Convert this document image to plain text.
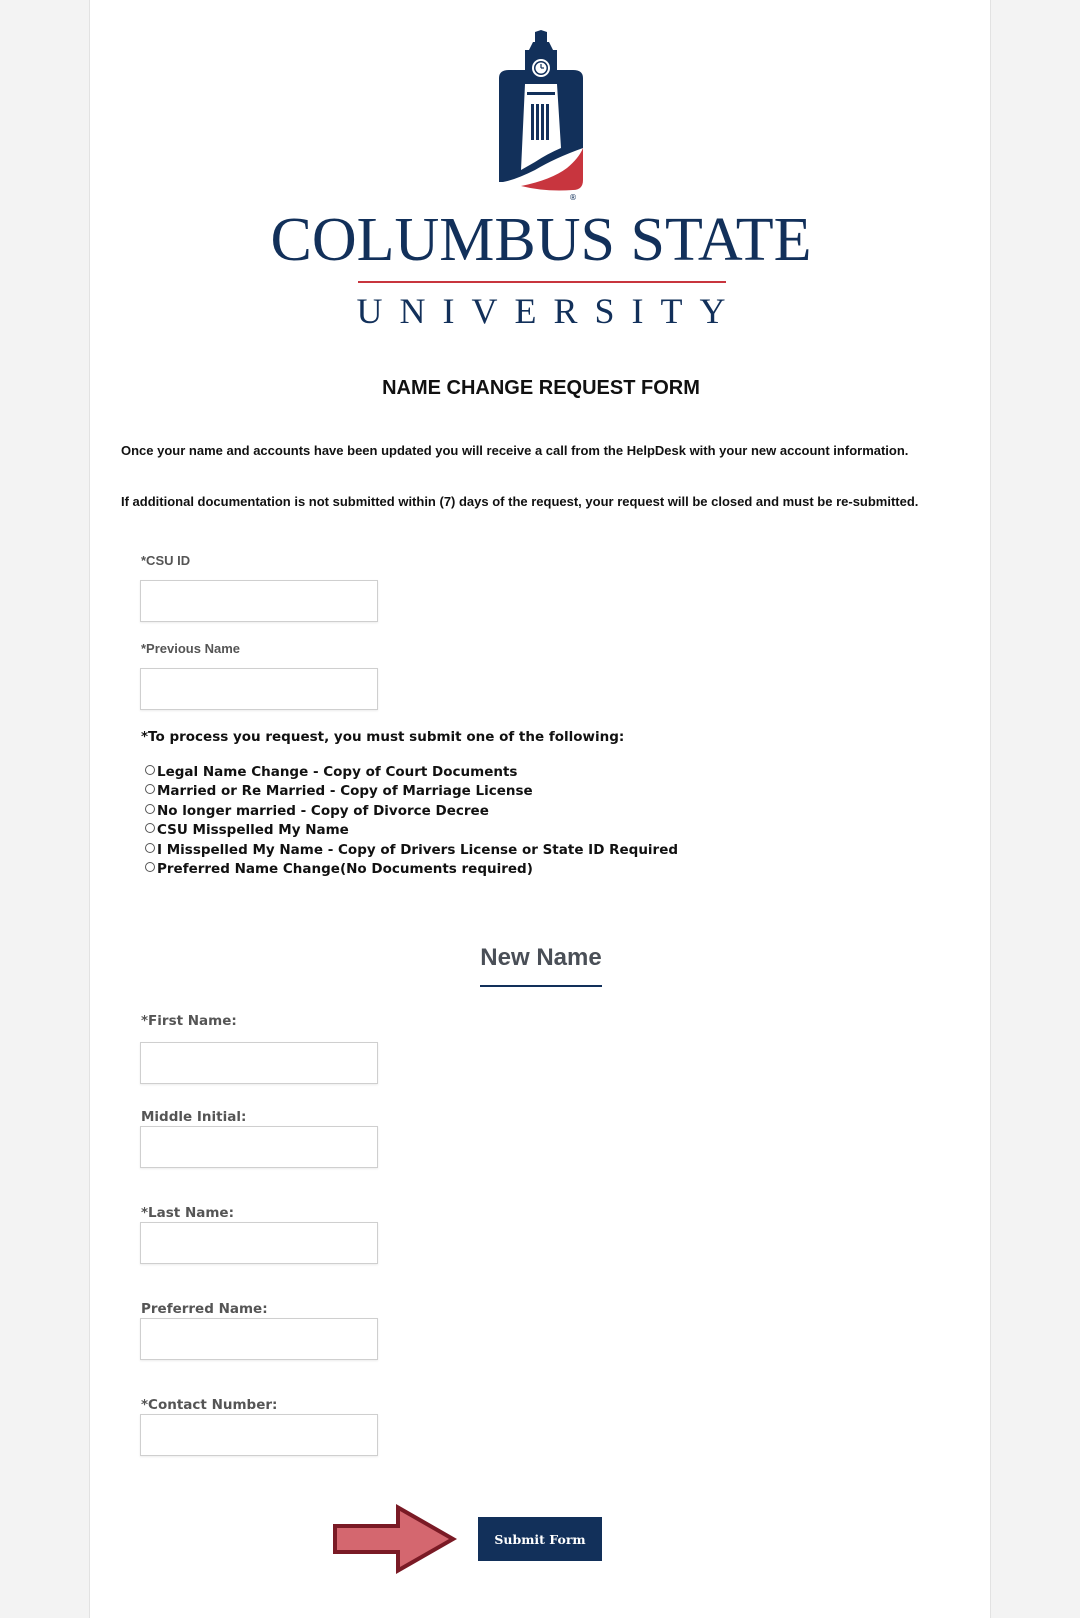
®
COLUMBUS STATE
UNIVERSITY
NAME CHANGE REQUEST FORM
Once your name and accounts have been updated you will receive a call from the HelpDesk with your new account information.
If additional documentation is not submitted within (7) days of the request, your request will be closed and must be re-submitted.
*CSU ID
*Previous Name
*To process you request, you must submit one of the following:
Legal Name Change - Copy of Court Documents
Married or Re Married - Copy of Marriage License
No longer married - Copy of Divorce Decree
CSU Misspelled My Name
I Misspelled My Name - Copy of Drivers License or State ID Required
Preferred Name Change(No Documents required)
New Name
*First Name:
Middle Initial:
*Last Name:
Preferred Name:
*Contact Number:
Submit Form
